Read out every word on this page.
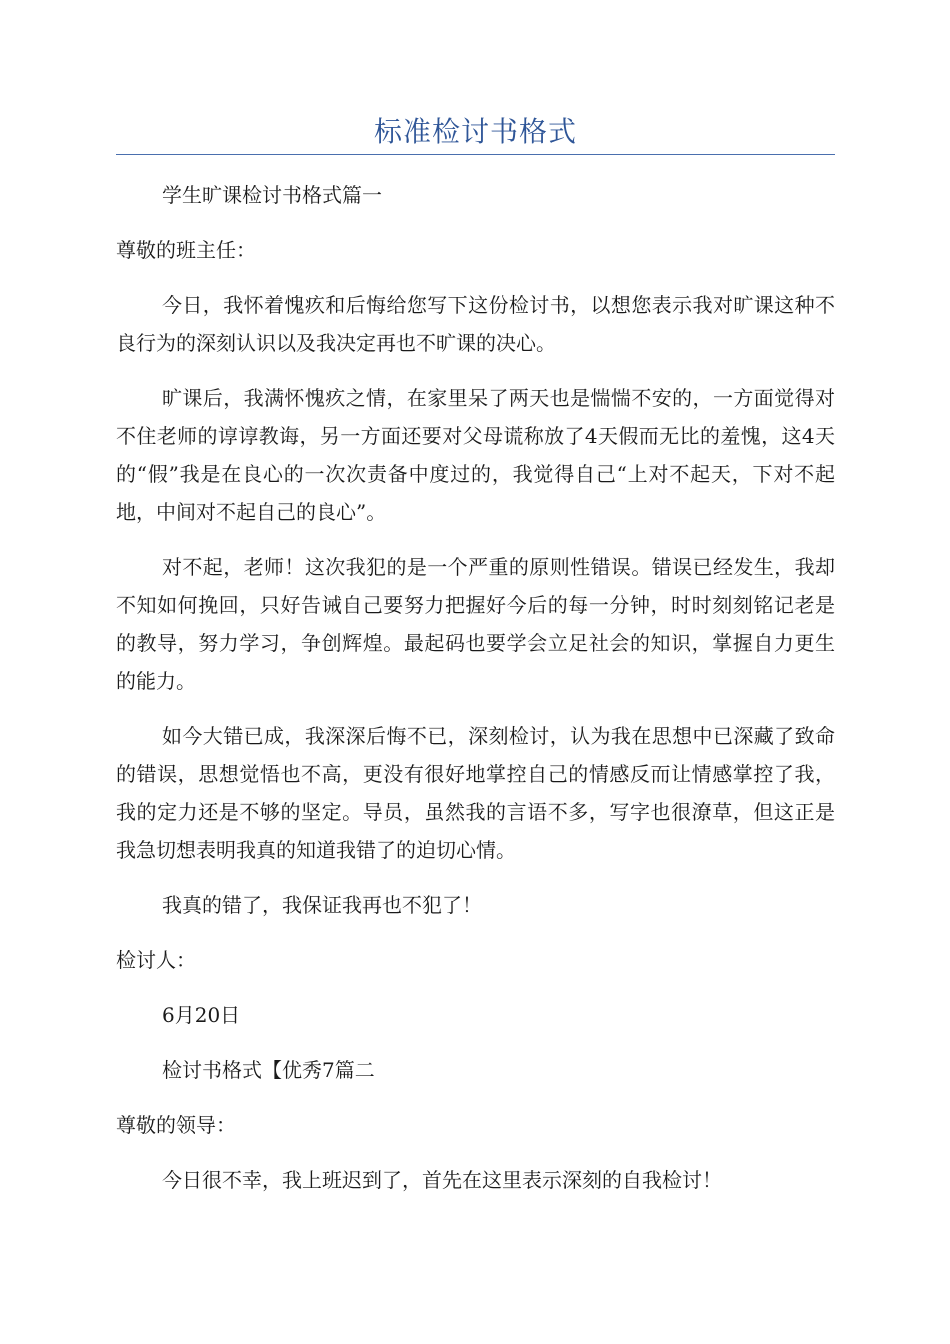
标准检讨书格式

学生旷课检讨书格式篇一

尊敬的班主任：

今日，我怀着愧疚和后悔给您写下这份检讨书，以想您表示我对旷课这种不良行为的深刻认识以及我决定再也不旷课的决心。

旷课后，我满怀愧疚之情，在家里呆了两天也是惴惴不安的，一方面觉得对不住老师的谆谆教诲，另一方面还要对父母谎称放了4天假而无比的羞愧，这4天的“假”我是在良心的一次次责备中度过的，我觉得自己“上对不起天，下对不起地，中间对不起自己的良心”。

对不起，老师！这次我犯的是一个严重的原则性错误。错误已经发生，我却不知如何挽回，只好告诫自己要努力把握好今后的每一分钟，时时刻刻铭记老是的教导，努力学习，争创辉煌。最起码也要学会立足社会的知识，掌握自力更生的能力。

如今大错已成，我深深后悔不已，深刻检讨，认为我在思想中已深藏了致命的错误，思想觉悟也不高，更没有很好地掌控自己的情感反而让情感掌控了我，我的定力还是不够的坚定。导员，虽然我的言语不多，写字也很潦草，但这正是我急切想表明我真的知道我错了的迫切心情。

我真的错了，我保证我再也不犯了！

检讨人：

6月20日

检讨书格式【优秀7篇二

尊敬的领导：

今日很不幸，我上班迟到了，首先在这里表示深刻的自我检讨！
